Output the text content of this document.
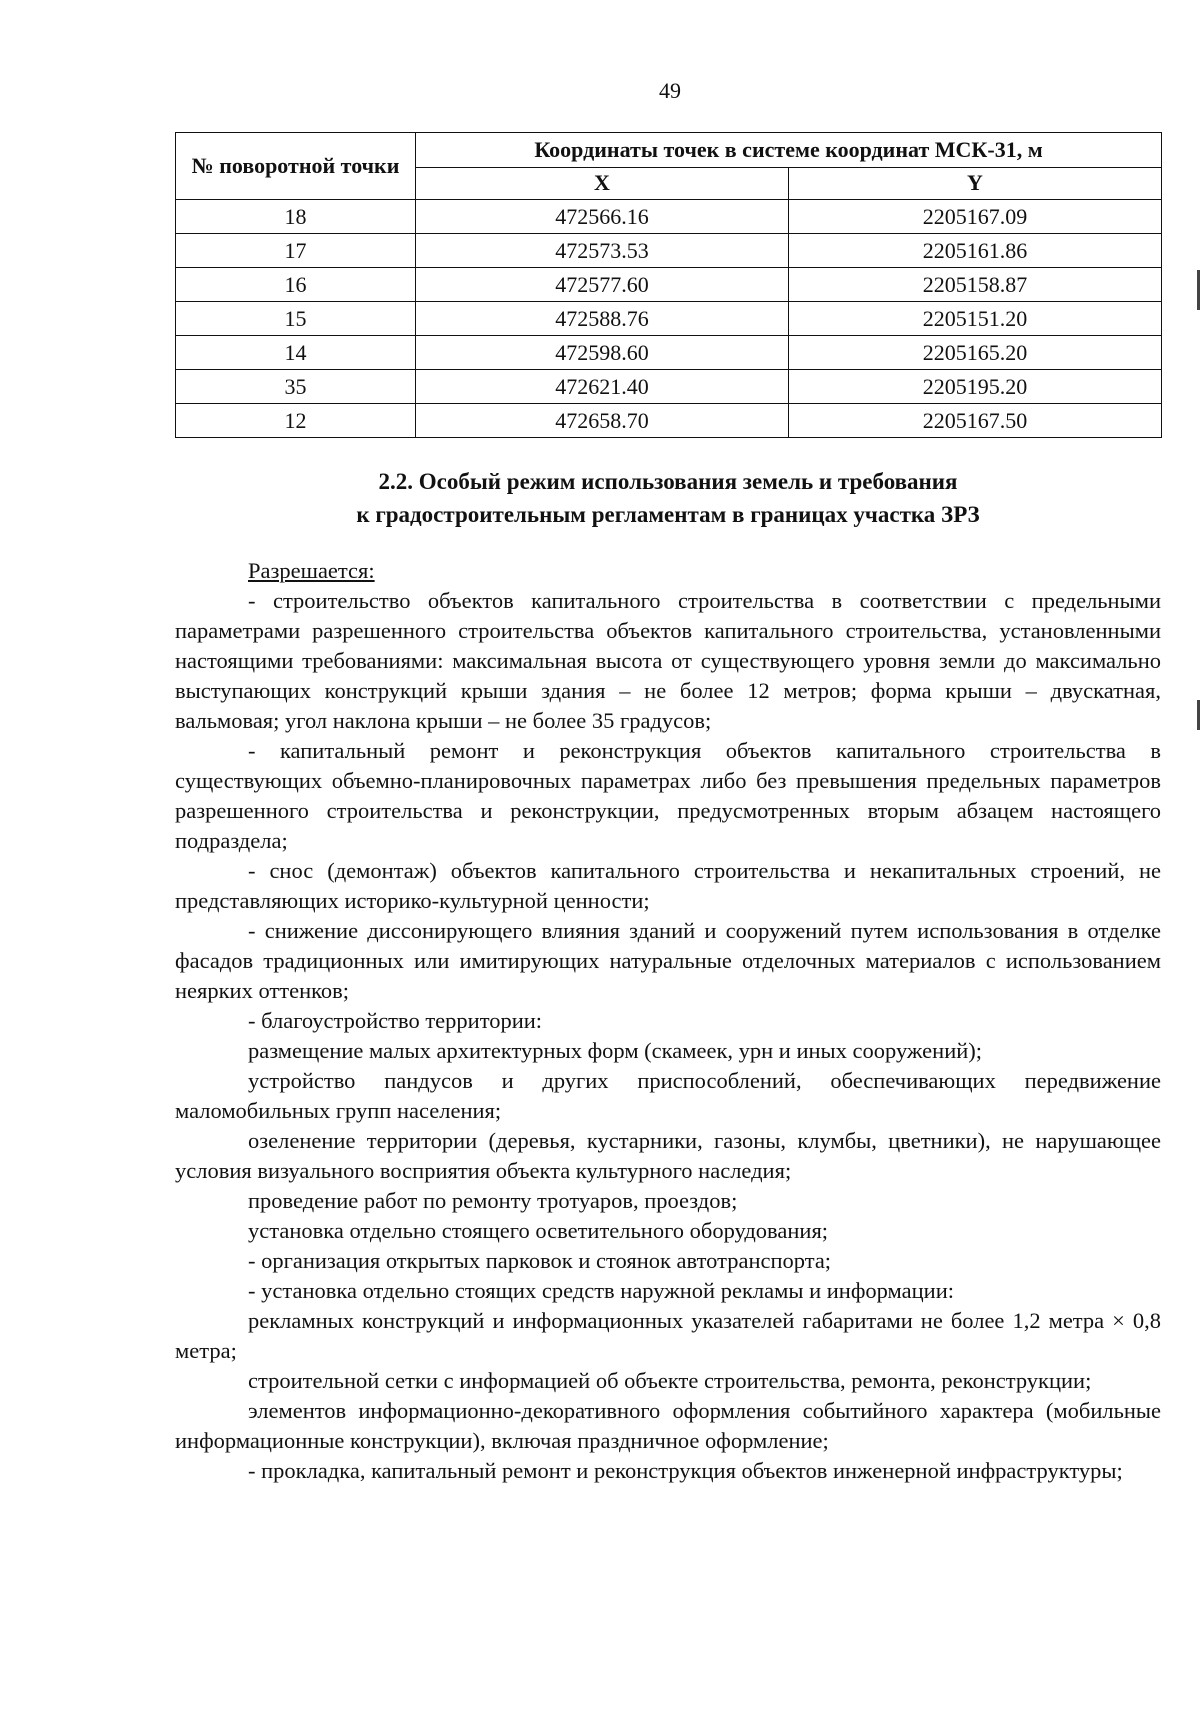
49
№ поворотной точки	Координаты точек в системе координат МСК-31, м	
	X	Y
18	472566.16	2205167.09
17	472573.53	2205161.86
16	472577.60	2205158.87
15	472588.76	2205151.20
14	472598.60	2205165.20
35	472621.40	2205195.20
12	472658.70	2205167.50
2.2. Особый режим использования земель и требования
к градостроительным регламентам в границах участка ЗРЗ

Разрешается:

- строительство объектов капитального строительства в соответствии с предельными параметрами разрешенного строительства объектов капитального строительства, установленными настоящими требованиями: максимальная высота от существующего уровня земли до максимально выступающих конструкций крыши здания – не более 12 метров; форма крыши – двускатная, вальмовая; угол наклона крыши – не более 35 градусов;

- капитальный ремонт и реконструкция объектов капитального строительства в существующих объемно-планировочных параметрах либо без превышения предельных параметров разрешенного строительства и реконструкции, предусмотренных вторым абзацем настоящего подраздела;

- снос (демонтаж) объектов капитального строительства и некапитальных строений, не представляющих историко-культурной ценности;

- снижение диссонирующего влияния зданий и сооружений путем использования в отделке фасадов традиционных или имитирующих натуральные отделочных материалов с использованием неярких оттенков;

- благоустройство территории:

размещение малых архитектурных форм (скамеек, урн и иных сооружений);

устройство пандусов и других приспособлений, обеспечивающих передвижение маломобильных групп населения;

озеленение территории (деревья, кустарники, газоны, клумбы, цветники), не нарушающее условия визуального восприятия объекта культурного наследия;

проведение работ по ремонту тротуаров, проездов;

установка отдельно стоящего осветительного оборудования;

- организация открытых парковок и стоянок автотранспорта;

- установка отдельно стоящих средств наружной рекламы и информации:

рекламных конструкций и информационных указателей габаритами не более 1,2 метра × 0,8 метра;

строительной сетки с информацией об объекте строительства, ремонта, реконструкции;

элементов информационно-декоративного оформления событийного характера (мобильные информационные конструкции), включая праздничное оформление;

- прокладка, капитальный ремонт и реконструкция объектов инженерной инфраструктуры;
